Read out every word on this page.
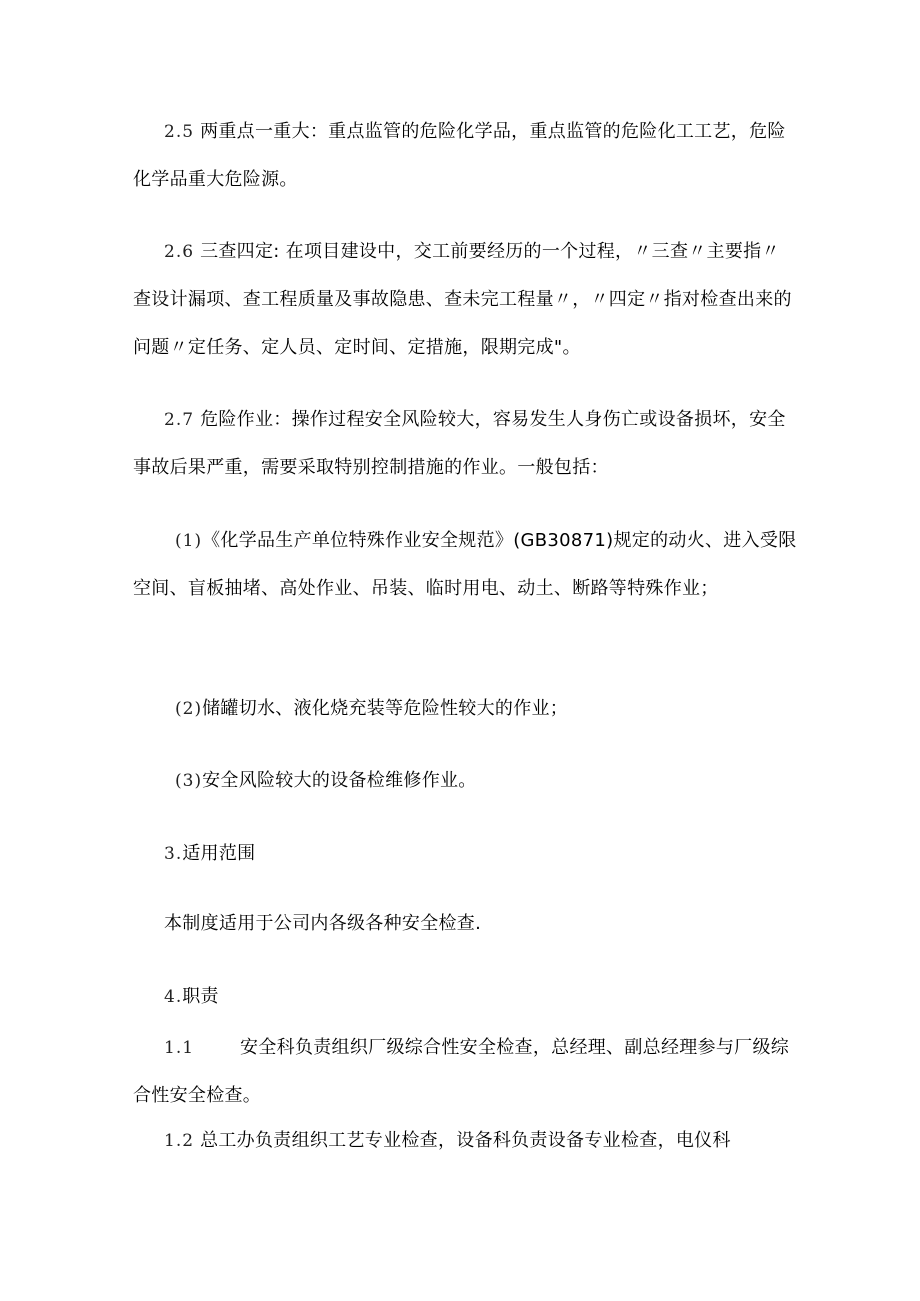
2.5 两重点一重大：重点监管的危险化学品，重点监管的危险化工工艺，危险化学品重大危险源。

2.6 三查四定: 在项目建设中，交工前要经历的一个过程，〃三查〃主要指〃查设计漏项、查工程质量及事故隐患、查未完工程量〃，〃四定〃指对检查出来的问题〃定任务、定人员、定时间、定措施，限期完成"。

2.7 危险作业：操作过程安全风险较大，容易发生人身伤亡或设备损坏，安全事故后果严重，需要采取特别控制措施的作业。一般包括：

(1)《化学品生产单位特殊作业安全规范》(GB30871)规定的动火、进入受限空间、盲板抽堵、高处作业、吊装、临时用电、动土、断路等特殊作业；

(2)储罐切水、液化烧充装等危险性较大的作业；

(3)安全风险较大的设备检维修作业。

3.适用范围

本制度适用于公司内各级各种安全检查.

4.职责

1.1	安全科负责组织厂级综合性安全检查，总经理、副总经理参与厂级综合性安全检查。

1.2 总工办负责组织工艺专业检查，设备科负责设备专业检查，电仪科
